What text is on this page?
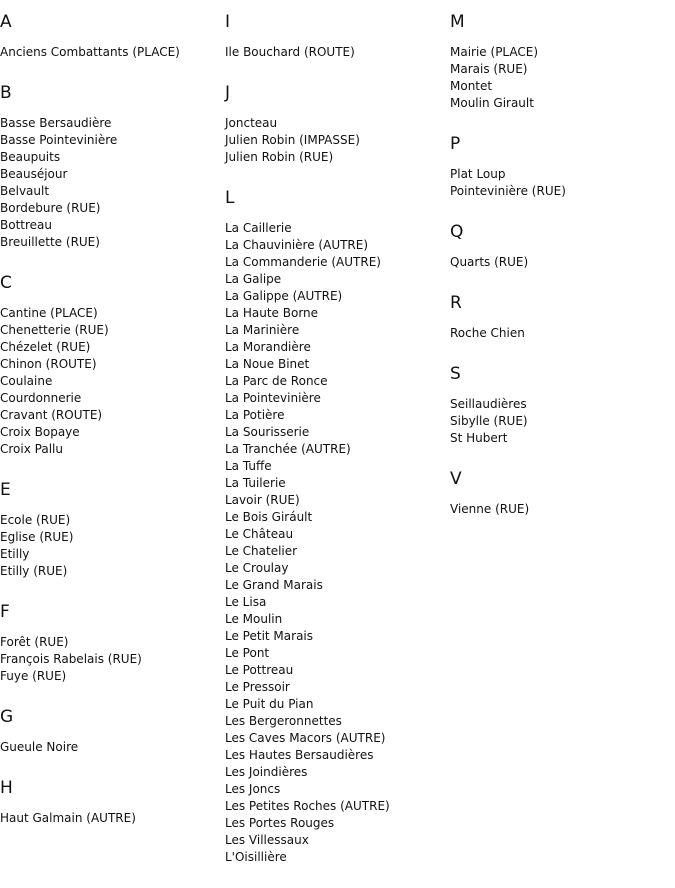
A
Anciens Combattants (PLACE)
B
Basse Bersaudière
Basse Pointevinière
Beaupuits
Beauséjour
Belvault
Bordebure (RUE)
Bottreau
Breuillette (RUE)
C
Cantine (PLACE)
Chenetterie (RUE)
Chézelet (RUE)
Chinon (ROUTE)
Coulaine
Courdonnerie
Cravant (ROUTE)
Croix Bopaye
Croix Pallu
E
Ecole (RUE)
Eglise (RUE)
Etilly
Etilly (RUE)
F
Forêt (RUE)
François Rabelais (RUE)
Fuye (RUE)
G
Gueule Noire
H
Haut Galmain (AUTRE)
I
Ile Bouchard (ROUTE)
J
Joncteau
Julien Robin (IMPASSE)
Julien Robin (RUE)
L
La Caillerie
La Chauvinière (AUTRE)
La Commanderie (AUTRE)
La Galipe
La Galippe (AUTRE)
La Haute Borne
La Marinière
La Morandière
La Noue Binet
La Parc de Ronce
La Pointevinière
La Potière
La Sourisserie
La Tranchée (AUTRE)
La Tuffe
La Tuilerie
Lavoir (RUE)
Le Bois Giráult
Le Château
Le Chatelier
Le Croulay
Le Grand Marais
Le Lisa
Le Moulin
Le Petit Marais
Le Pont
Le Pottreau
Le Pressoir
Le Puit du Pian
Les Bergeronnettes
Les Caves Macors (AUTRE)
Les Hautes Bersaudières
Les Joindières
Les Joncs
Les Petites Roches (AUTRE)
Les Portes Rouges
Les Villessaux
L'Oisillière
M
Mairie (PLACE)
Marais (RUE)
Montet
Moulin Girault
P
Plat Loup
Pointevinière (RUE)
Q
Quarts (RUE)
R
Roche Chien
S
Seillaudières
Sibylle (RUE)
St Hubert
V
Vienne (RUE)
